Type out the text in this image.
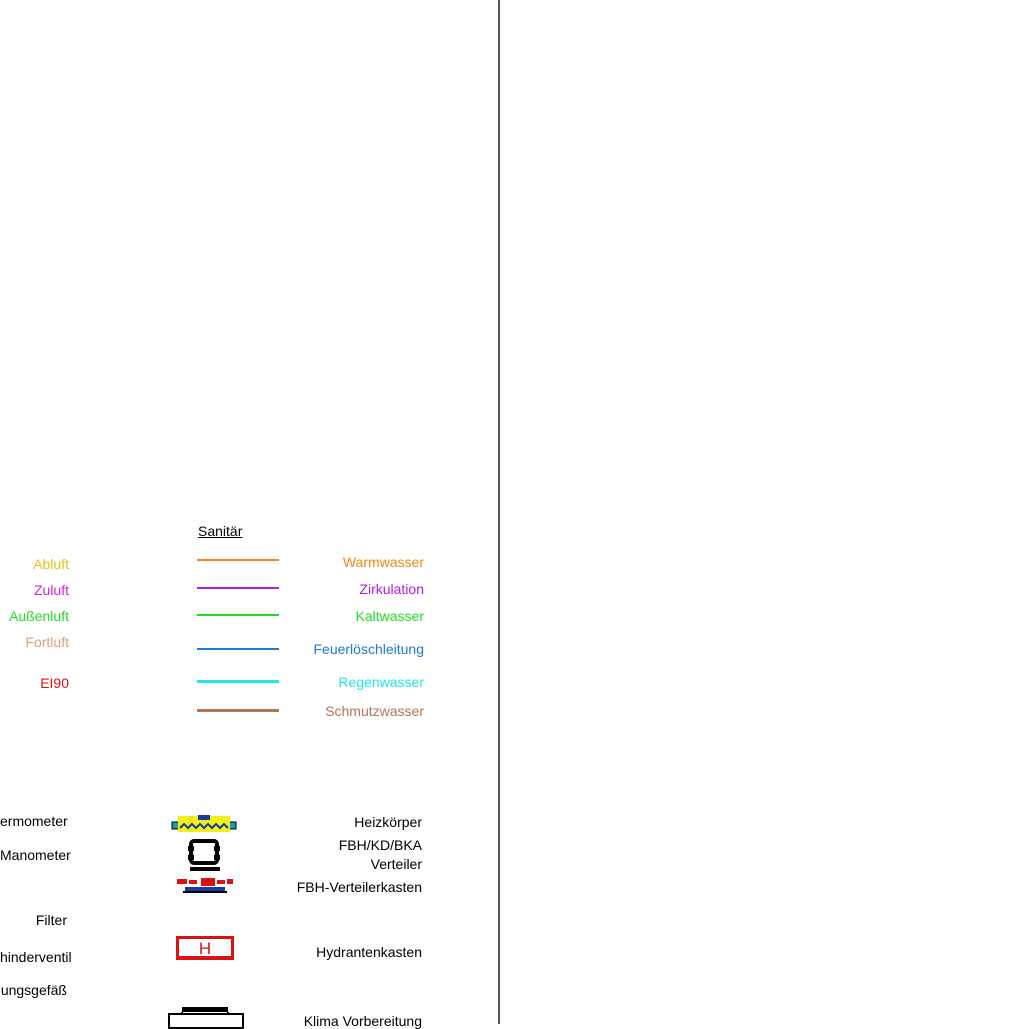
Abluft
Zuluft
Außenluft
Fortluft
EI90
Sanitär
Warmwasser
Zirkulation
Kaltwasser
Feuerlöschleitung
Regenwasser
Schmutzwasser
ermometer
Manometer
Filter
hinderventil
ungsgefäß
H
Heizkörper
FBH/KD/BKA
Verteiler
FBH-Verteilerkasten
Hydrantenkasten
Klima Vorbereitung
